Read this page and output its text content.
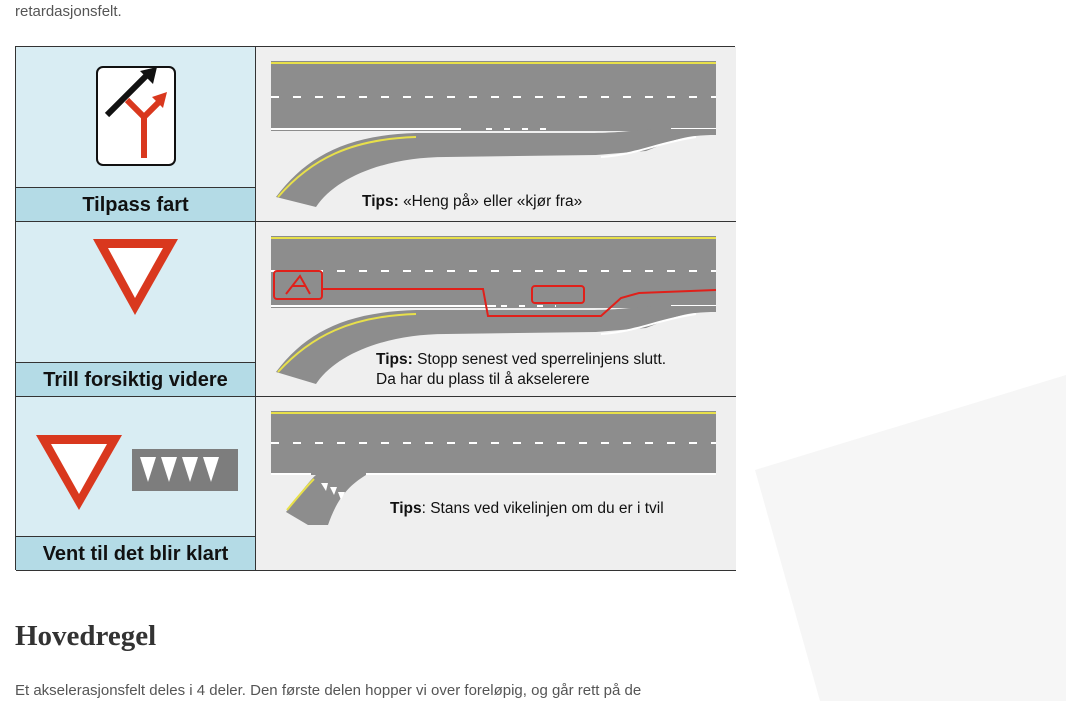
retardasjonsfelt.

Tilpass fart	Tips: «Heng på» eller «kjør fra»
Trill forsiktig videre
Tips: Stopp senest ved sperrelinjens slutt.
Da har du plass til å akselerere
Vent til det blir klart
Tips: Stans ved vikelinjen om du er i tvil
Hovedregel

Et akselerasjonsfelt deles i 4 deler. Den første delen hopper vi over foreløpig, og går rett på de
